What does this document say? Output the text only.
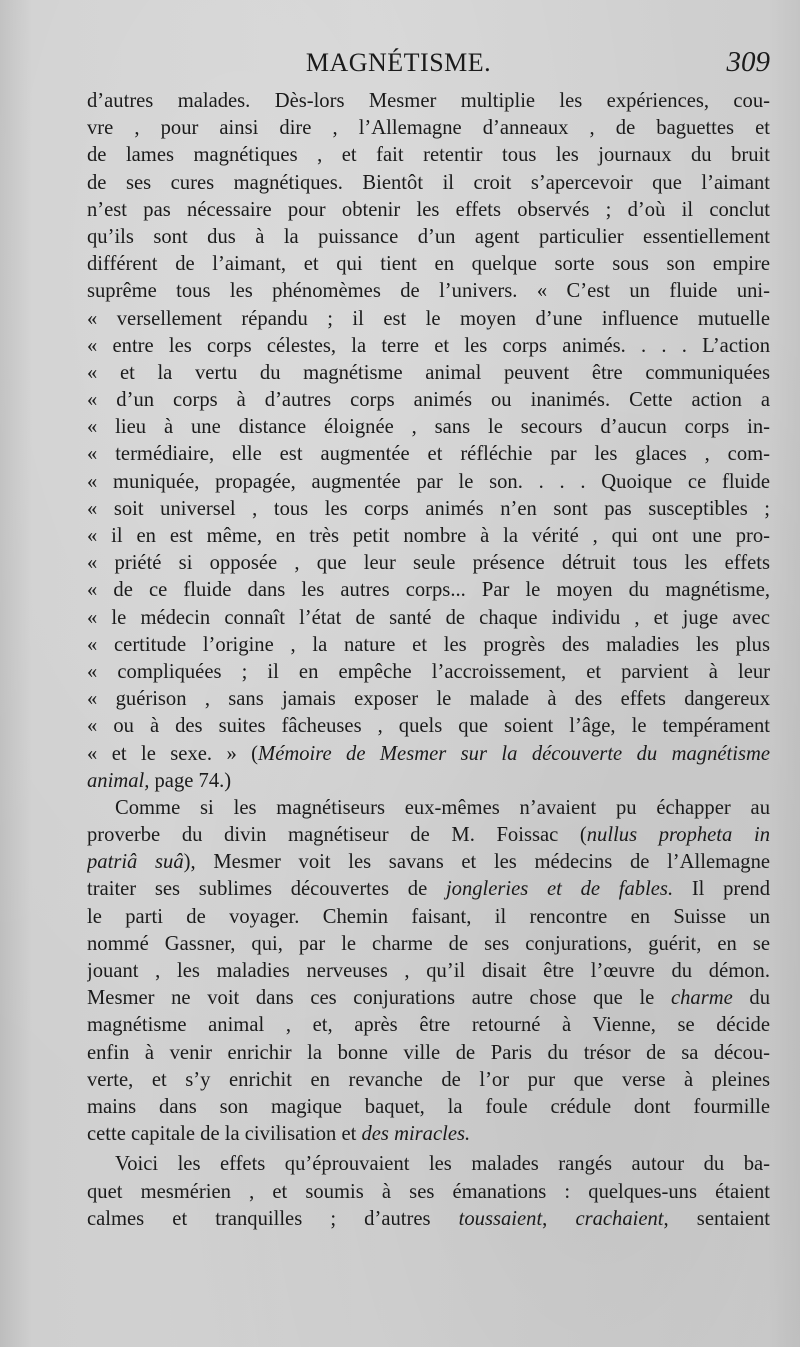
MAGNÉTISME.	309
d’autres malades. Dès-lors Mesmer multiplie les expériences, cou-
vre , pour ainsi dire , l’Allemagne d’anneaux , de baguettes et
de lames magnétiques , et fait retentir tous les journaux du bruit
de ses cures magnétiques. Bientôt il croit s’apercevoir que l’aimant
n’est pas nécessaire pour obtenir les effets observés ; d’où il conclut
qu’ils sont dus à la puissance d’un agent particulier essentiellement
différent de l’aimant, et qui tient en quelque sorte sous son empire
suprême tous les phénomèmes de l’univers. « C’est un fluide uni-
« versellement répandu ; il est le moyen d’une influence mutuelle
« entre les corps célestes, la terre et les corps animés. . . . L’action
« et la vertu du magnétisme animal peuvent être communiquées
« d’un corps à d’autres corps animés ou inanimés. Cette action a
« lieu à une distance éloignée , sans le secours d’aucun corps in-
« termédiaire, elle est augmentée et réfléchie par les glaces , com-
« muniquée, propagée, augmentée par le son. . . . Quoique ce fluide
« soit universel , tous les corps animés n’en sont pas susceptibles ;
« il en est même, en très petit nombre à la vérité , qui ont une pro-
« priété si opposée , que leur seule présence détruit tous les effets
« de ce fluide dans les autres corps... Par le moyen du magnétisme,
« le médecin connaît l’état de santé de chaque individu , et juge avec
« certitude l’origine , la nature et les progrès des maladies les plus
« compliquées ; il en empêche l’accroissement, et parvient à leur
« guérison , sans jamais exposer le malade à des effets dangereux
« ou à des suites fâcheuses , quels que soient l’âge, le tempérament
« et le sexe. » (Mémoire de Mesmer sur la découverte du magnétisme
animal, page 74.)
Comme si les magnétiseurs eux-mêmes n’avaient pu échapper au
proverbe du divin magnétiseur de M. Foissac (nullus propheta in
patriâ suâ), Mesmer voit les savans et les médecins de l’Allemagne
traiter ses sublimes découvertes de jongleries et de fables. Il prend
le parti de voyager. Chemin faisant, il rencontre en Suisse un
nommé Gassner, qui, par le charme de ses conjurations, guérit, en se
jouant , les maladies nerveuses , qu’il disait être l’œuvre du démon.
Mesmer ne voit dans ces conjurations autre chose que le charme du
magnétisme animal , et, après être retourné à Vienne, se décide
enfin à venir enrichir la bonne ville de Paris du trésor de sa décou-
verte, et s’y enrichit en revanche de l’or pur que verse à pleines
mains dans son magique baquet, la foule crédule dont fourmille
cette capitale de la civilisation et des miracles.
Voici les effets qu’éprouvaient les malades rangés autour du ba-
quet mesmérien , et soumis à ses émanations : quelques-uns étaient
calmes et tranquilles ; d’autres toussaient, crachaient, sentaient
